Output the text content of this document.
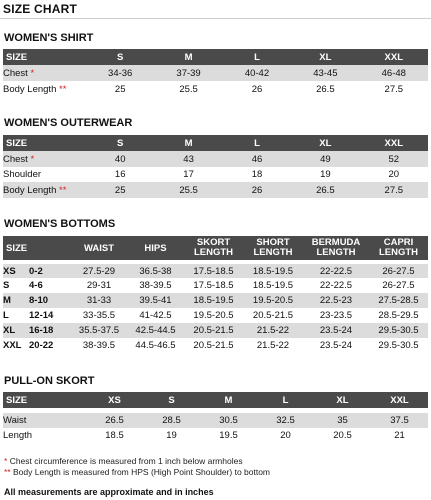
SIZE CHART
WOMEN'S SHIRT
SIZE	S	M	L	XL	XXL
Chest *	34-36	37-39	40-42	43-45	46-48
Body Length **	25	25.5	26	26.5	27.5
WOMEN'S OUTERWEAR
SIZE	S	M	L	XL	XXL
Chest *	40	43	46	49	52
Shoulder	16	17	18	19	20
Body Length **	25	25.5	26	26.5	27.5
WOMEN'S BOTTOMS
SIZE		WAIST	HIPS	SKORT LENGTH	SHORT LENGTH	BERMUDA LENGTH	CAPRI LENGTH

XS	0-2	27.5-29	36.5-38	17.5-18.5	18.5-19.5	22-22.5	26-27.5
S	4-6	29-31	38-39.5	17.5-18.5	18.5-19.5	22-22.5	26-27.5
M	8-10	31-33	39.5-41	18.5-19.5	19.5-20.5	22.5-23	27.5-28.5
L	12-14	33-35.5	41-42.5	19.5-20.5	20.5-21.5	23-23.5	28.5-29.5
XL	16-18	35.5-37.5	42.5-44.5	20.5-21.5	21.5-22	23.5-24	29.5-30.5
XXL	20-22	38-39.5	44.5-46.5	20.5-21.5	21.5-22	23.5-24	29.5-30.5
PULL-ON SKORT
SIZE	XS	S	M	L	XL	XXL

Waist	26.5	28.5	30.5	32.5	35	37.5
Length	18.5	19	19.5	20	20.5	21
* Chest circumference is measured from 1 inch below armholes
** Body Length is measured from HPS (High Point Shoulder) to bottom
All measurements are approximate and in inches
